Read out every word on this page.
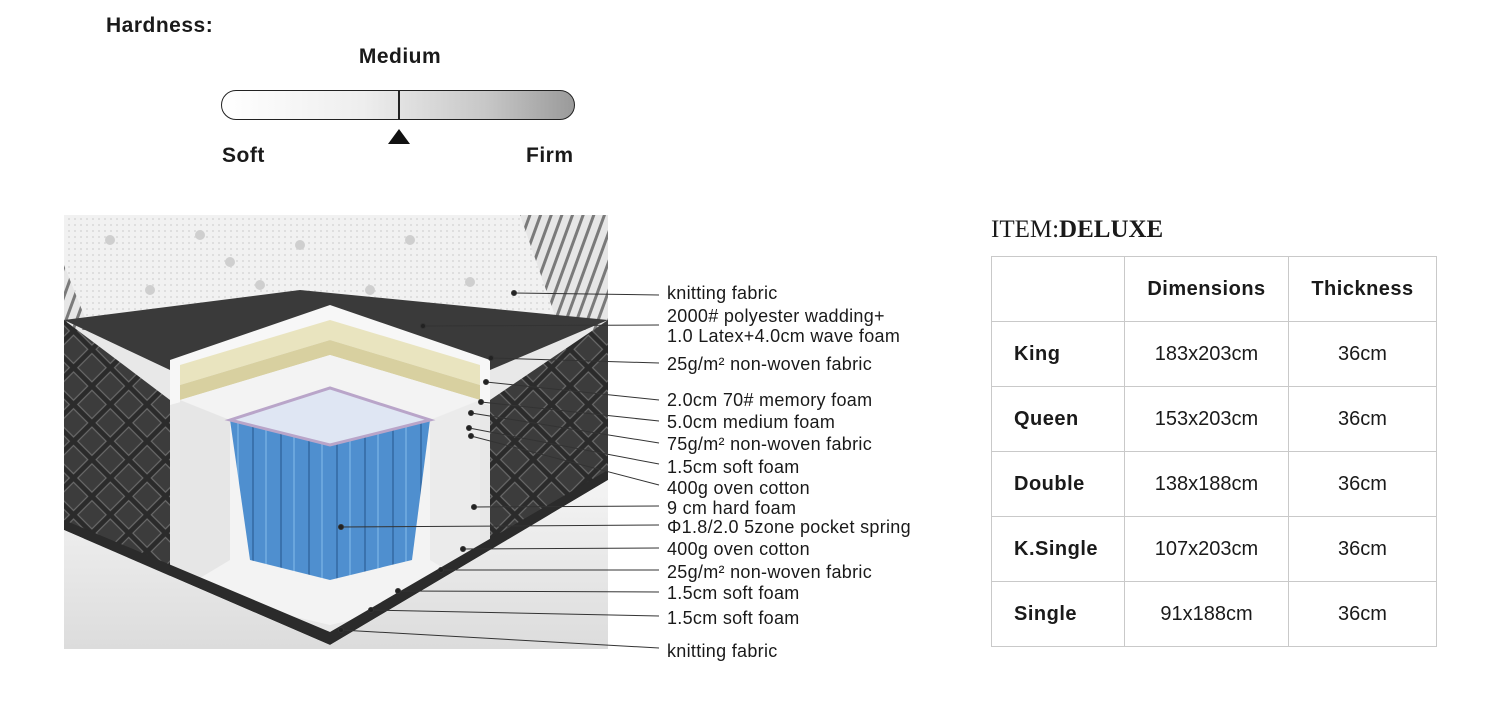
Hardness:
Medium
Soft	Firm
knitting fabric
2000# polyester wadding+
1.0 Latex+4.0cm wave foam
25g/m² non-woven fabric
2.0cm 70# memory foam
5.0cm medium foam
75g/m² non-woven fabric
1.5cm soft foam
400g oven cotton
9 cm hard foam
Φ1.8/2.0 5zone pocket spring
400g oven cotton
25g/m² non-woven fabric
1.5cm soft foam
1.5cm soft foam
knitting fabric
ITEM:DELUXE
	Dimensions	Thickness
King	183x203cm	36cm
Queen	153x203cm	36cm
Double	138x188cm	36cm
K.Single	107x203cm	36cm
Single	91x188cm	36cm
